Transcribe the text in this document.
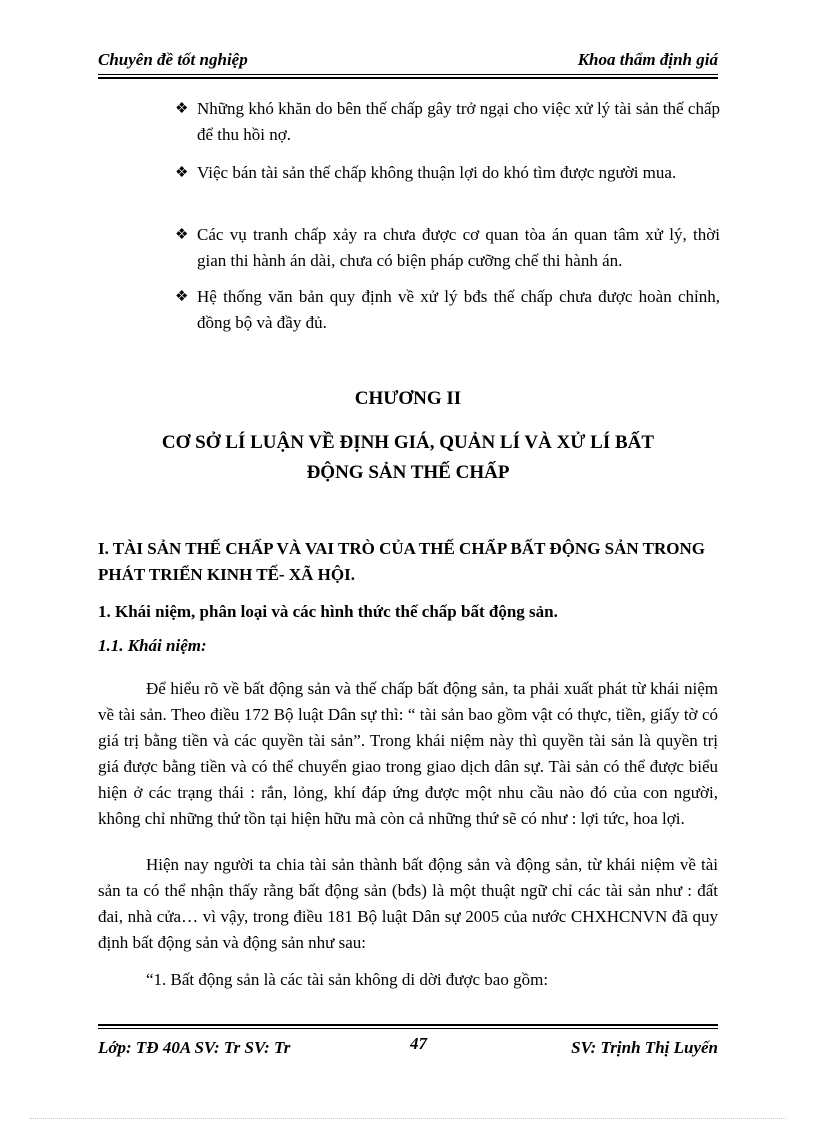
Chuyên đề tốt nghiệp	Khoa thẩm định giá
❖ Những khó khăn do bên thế chấp gây trở ngại cho việc xử lý tài sản thế chấp để thu hồi nợ.
❖ Việc bán tài sản thế chấp không thuận lợi do khó tìm được người mua.
❖ Các vụ tranh chấp xảy ra chưa được cơ quan tòa án quan tâm xử lý, thời gian thi hành án dài, chưa có biện pháp cưỡng chế thi hành án.
❖ Hệ thống văn bản quy định về xử lý bđs thế chấp chưa được hoàn chỉnh, đồng bộ và đầy đủ.
CHƯƠNG II
CƠ SỞ LÍ LUẬN VỀ ĐỊNH GIÁ, QUẢN LÍ VÀ XỬ LÍ BẤT
ĐỘNG SẢN THẾ CHẤP
I. TÀI SẢN THẾ CHẤP VÀ VAI TRÒ CỦA THẾ CHẤP BẤT ĐỘNG SẢN TRONG PHÁT TRIỂN KINH TẾ- XÃ HỘI.
1. Khái niệm, phân loại và các hình thức thế chấp bất động sản.
1.1. Khái niệm:
Để hiểu rõ về bất động sản và thế chấp bất động sản, ta phải xuất phát từ khái niệm về tài sản. Theo điều 172 Bộ luật Dân sự thì: “ tài sản bao gồm vật có thực, tiền, giấy tờ có giá trị bằng tiền và các quyền tài sản”. Trong khái niệm này thì quyền tài sản là quyền trị giá được bằng tiền và có thể chuyển giao trong giao dịch dân sự. Tài sản có thể được biểu hiện ở các trạng thái : rắn, lỏng, khí đáp ứng được một nhu cầu nào đó của con người, không chỉ những thứ tồn tại hiện hữu mà còn cả những thứ sẽ có như : lợi tức, hoa lợi.
Hiện nay người ta chia tài sản thành bất động sản và động sản, từ khái niệm về tài sản ta có thể nhận thấy rằng bất động sản (bđs) là một thuật ngữ chỉ các tài sản như : đất đai, nhà cửa… vì vậy, trong điều 181 Bộ luật Dân sự 2005 của nước CHXHCNVN đã quy định bất động sản và động sản như sau:
“1. Bất động sản là các tài sản không di dời được bao gồm:
Lớp: TĐ 40A SV: Tr SV: Tr	47	SV: Trịnh Thị Luyến
